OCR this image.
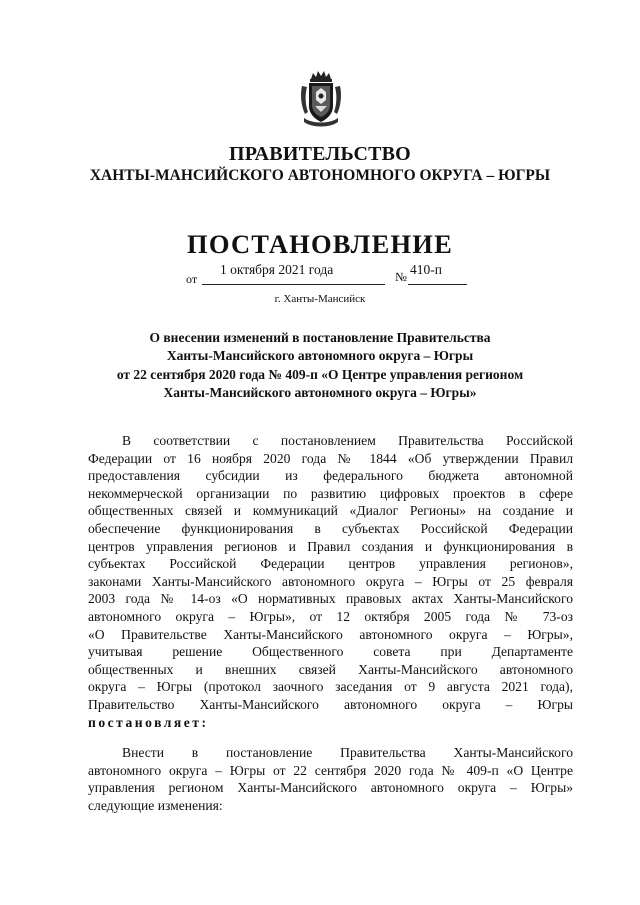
ПРАВИТЕЛЬСТВО
ХАНТЫ-МАНСИЙСКОГО АВТОНОМНОГО ОКРУГА – ЮГРЫ
ПОСТАНОВЛЕНИЕ
от
1 октября 2021 года	№ 410-п
г. Ханты-Мансийск
О внесении изменений в постановление Правительства
Ханты-Мансийского автономного округа – Югры
от 22 сентября 2020 года № 409-п «О Центре управления регионом
Ханты-Мансийского автономного округа – Югры»
В соответствии с постановлением Правительства Российской
Федерации от 16 ноября 2020 года № 1844 «Об утверждении Правил
предоставления субсидии из федерального бюджета автономной
некоммерческой организации по развитию цифровых проектов в сфере
общественных связей и коммуникаций «Диалог Регионы» на создание и
обеспечение функционирования в субъектах Российской Федерации
центров управления регионов и Правил создания и функционирования в
субъектах Российской Федерации центров управления регионов»,
законами Ханты-Мансийского автономного округа – Югры от 25 февраля
2003 года № 14-оз «О нормативных правовых актах Ханты-Мансийского
автономного округа – Югры», от 12 октября 2005 года № 73-оз
«О Правительстве Ханты-Мансийского автономного округа – Югры»,
учитывая решение Общественного совета при Департаменте
общественных и внешних связей Ханты-Мансийского автономного
округа – Югры (протокол заочного заседания от 9 августа 2021 года),
Правительство Ханты-Мансийского автономного округа – Югры
постановляет:
Внести в постановление Правительства Ханты-Мансийского
автономного округа – Югры от 22 сентября 2020 года № 409-п «О Центре
управления регионом Ханты-Мансийского автономного округа – Югры»
следующие изменения:
